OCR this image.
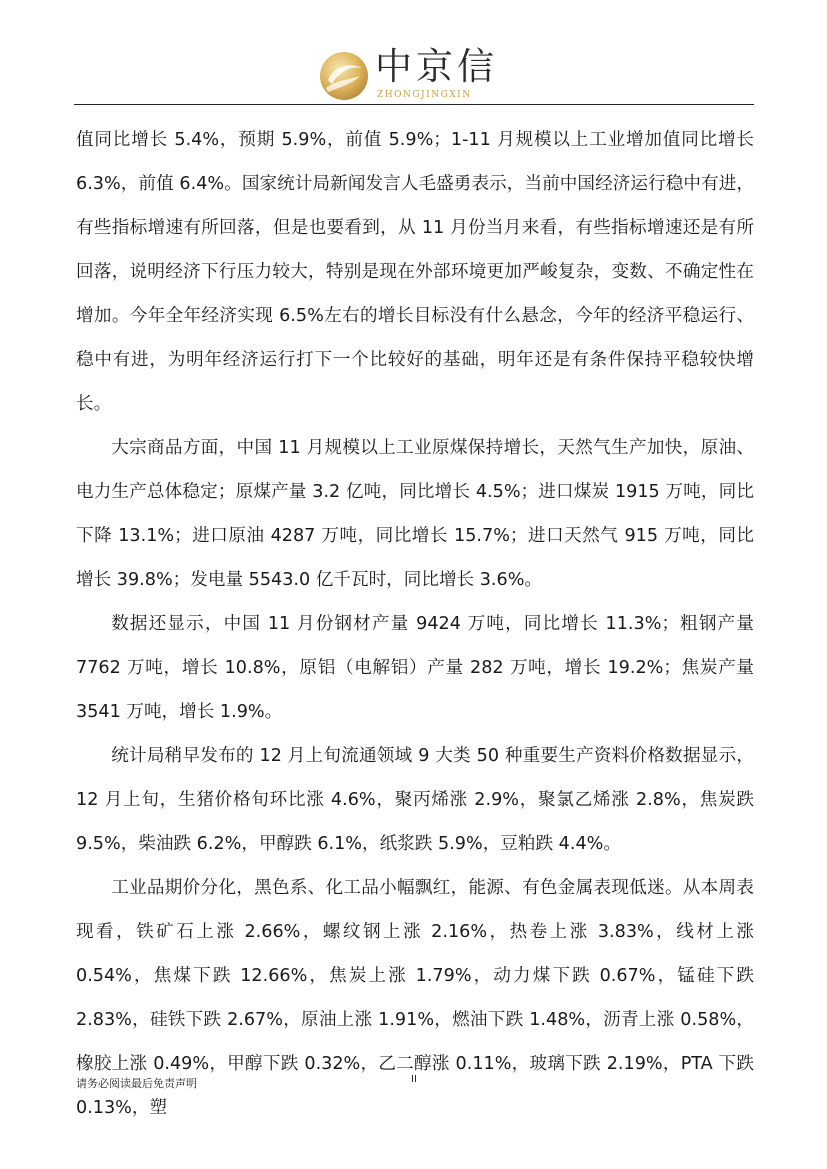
中京信
ZHONGJINGXIN

值同比增长 5.4%，预期 5.9%，前值 5.9%；1-11 月规模以上工业增加值同比增长 6.3%，前值 6.4%。国家统计局新闻发言人毛盛勇表示，当前中国经济运行稳中有进，有些指标增速有所回落，但是也要看到，从 11 月份当月来看，有些指标增速还是有所回落，说明经济下行压力较大，特别是现在外部环境更加严峻复杂，变数、不确定性在增加。今年全年经济实现 6.5%左右的增长目标没有什么悬念，今年的经济平稳运行、稳中有进，为明年经济运行打下一个比较好的基础，明年还是有条件保持平稳较快增长。

大宗商品方面，中国 11 月规模以上工业原煤保持增长，天然气生产加快，原油、电力生产总体稳定；原煤产量 3.2 亿吨，同比增长 4.5%；进口煤炭 1915 万吨，同比下降 13.1%；进口原油 4287 万吨，同比增长 15.7%；进口天然气 915 万吨，同比增长 39.8%；发电量 5543.0 亿千瓦时，同比增长 3.6%。

数据还显示，中国 11 月份钢材产量 9424 万吨，同比增长 11.3%；粗钢产量 7762 万吨，增长 10.8%，原铝（电解铝）产量 282 万吨，增长 19.2%；焦炭产量 3541 万吨，增长 1.9%。

统计局稍早发布的 12 月上旬流通领域 9 大类 50 种重要生产资料价格数据显示，12 月上旬，生猪价格旬环比涨 4.6%，聚丙烯涨 2.9%，聚氯乙烯涨 2.8%，焦炭跌 9.5%，柴油跌 6.2%，甲醇跌 6.1%，纸浆跌 5.9%，豆粕跌 4.4%。

工业品期价分化，黑色系、化工品小幅飘红，能源、有色金属表现低迷。从本周表现看，铁矿石上涨 2.66%，螺纹钢上涨 2.16%，热卷上涨 3.83%，线材上涨 0.54%，焦煤下跌 12.66%，焦炭上涨 1.79%，动力煤下跌 0.67%，锰硅下跌 2.83%，硅铁下跌 2.67%，原油上涨 1.91%，燃油下跌 1.48%，沥青上涨 0.58%，橡胶上涨 0.49%，甲醇下跌 0.32%，乙二醇涨 0.11%，玻璃下跌 2.19%，PTA 下跌 0.13%，塑

请务必阅读最后免责声明	II
